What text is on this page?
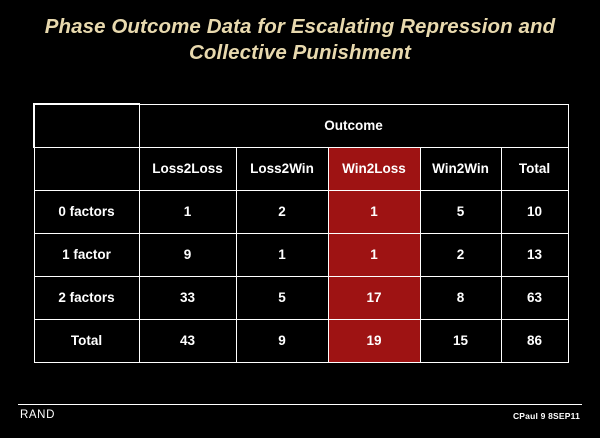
Phase Outcome Data for Escalating Repression and Collective Punishment
	Outcome				
	Loss2Loss	Loss2Win	Win2Loss	Win2Win	Total
0 factors	1	2	1	5	10
1 factor	9	1	1	2	13
2 factors	33	5	17	8	63
Total	43	9	19	15	86
RAND	CPaul 9 8SEP11
